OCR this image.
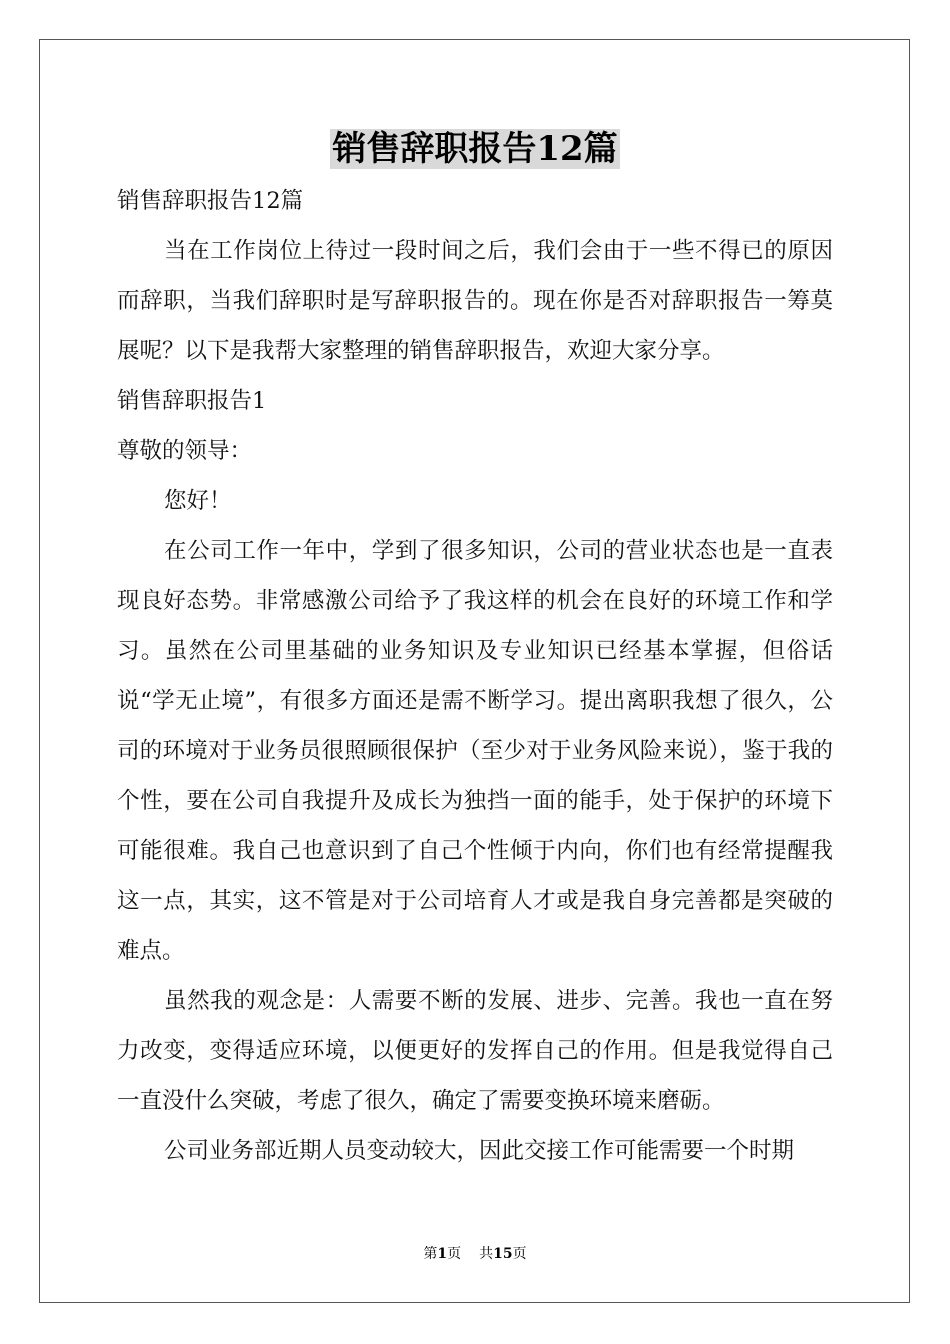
销售辞职报告12篇

销售辞职报告12篇

当在工作岗位上待过一段时间之后，我们会由于一些不得已的原因而辞职，当我们辞职时是写辞职报告的。现在你是否对辞职报告一筹莫展呢？以下是我帮大家整理的销售辞职报告，欢迎大家分享。

销售辞职报告1

尊敬的领导：

您好！

在公司工作一年中，学到了很多知识，公司的营业状态也是一直表现良好态势。非常感激公司给予了我这样的机会在良好的环境工作和学习。虽然在公司里基础的业务知识及专业知识已经基本掌握，但俗话说“学无止境”，有很多方面还是需不断学习。提出离职我想了很久，公司的环境对于业务员很照顾很保护（至少对于业务风险来说），鉴于我的个性，要在公司自我提升及成长为独挡一面的能手，处于保护的环境下可能很难。我自己也意识到了自己个性倾于内向，你们也有经常提醒我这一点，其实，这不管是对于公司培育人才或是我自身完善都是突破的难点。

虽然我的观念是：人需要不断的发展、进步、完善。我也一直在努力改变，变得适应环境，以便更好的发挥自己的作用。但是我觉得自己一直没什么突破，考虑了很久，确定了需要变换环境来磨砺。

公司业务部近期人员变动较大，因此交接工作可能需要一个时期

第1页 共15页
